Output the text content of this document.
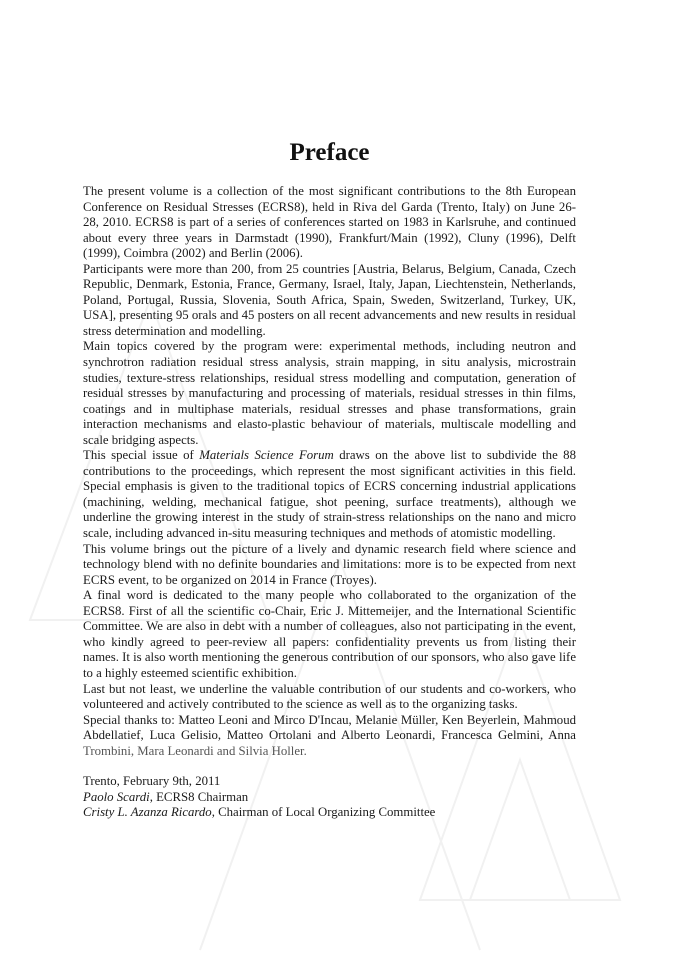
Preface

The present volume is a collection of the most significant contributions to the 8th European Conference on Residual Stresses (ECRS8), held in Riva del Garda (Trento, Italy) on June 26-28, 2010. ECRS8 is part of a series of conferences started on 1983 in Karlsruhe, and continued about every three years in Darmstadt (1990), Frankfurt/Main (1992), Cluny (1996), Delft (1999), Coimbra (2002) and Berlin (2006).

Participants were more than 200, from 25 countries [Austria, Belarus, Belgium, Canada, Czech Republic, Denmark, Estonia, France, Germany, Israel, Italy, Japan, Liechtenstein, Netherlands, Poland, Portugal, Russia, Slovenia, South Africa, Spain, Sweden, Switzerland, Turkey, UK, USA], presenting 95 orals and 45 posters on all recent advancements and new results in residual stress determination and modelling.

Main topics covered by the program were: experimental methods, including neutron and synchrotron radiation residual stress analysis, strain mapping, in situ analysis, microstrain studies, texture-stress relationships, residual stress modelling and computation, generation of residual stresses by manufacturing and processing of materials, residual stresses in thin films, coatings and in multiphase materials, residual stresses and phase transformations, grain interaction mechanisms and elasto-plastic behaviour of materials, multiscale modelling and scale bridging aspects.

This special issue of Materials Science Forum draws on the above list to subdivide the 88 contributions to the proceedings, which represent the most significant activities in this field. Special emphasis is given to the traditional topics of ECRS concerning industrial applications (machining, welding, mechanical fatigue, shot peening, surface treatments), although we underline the growing interest in the study of strain-stress relationships on the nano and micro scale, including advanced in-situ measuring techniques and methods of atomistic modelling.

This volume brings out the picture of a lively and dynamic research field where science and technology blend with no definite boundaries and limitations: more is to be expected from next ECRS event, to be organized on 2014 in France (Troyes).

A final word is dedicated to the many people who collaborated to the organization of the ECRS8. First of all the scientific co-Chair, Eric J. Mittemeijer, and the International Scientific Committee. We are also in debt with a number of colleagues, also not participating in the event, who kindly agreed to peer-review all papers: confidentiality prevents us from listing their names. It is also worth mentioning the generous contribution of our sponsors, who also gave life to a highly esteemed scientific exhibition.

Last but not least, we underline the valuable contribution of our students and co-workers, who volunteered and actively contributed to the science as well as to the organizing tasks.

Special thanks to: Matteo Leoni and Mirco D'Incau, Melanie Müller, Ken Beyerlein, Mahmoud Abdellatief, Luca Gelisio, Matteo Ortolani and Alberto Leonardi, Francesca Gelmini, Anna Trombini, Mara Leonardi and Silvia Holler.

Trento, February 9th, 2011

Paolo Scardi, ECRS8 Chairman

Cristy L. Azanza Ricardo, Chairman of Local Organizing Committee
